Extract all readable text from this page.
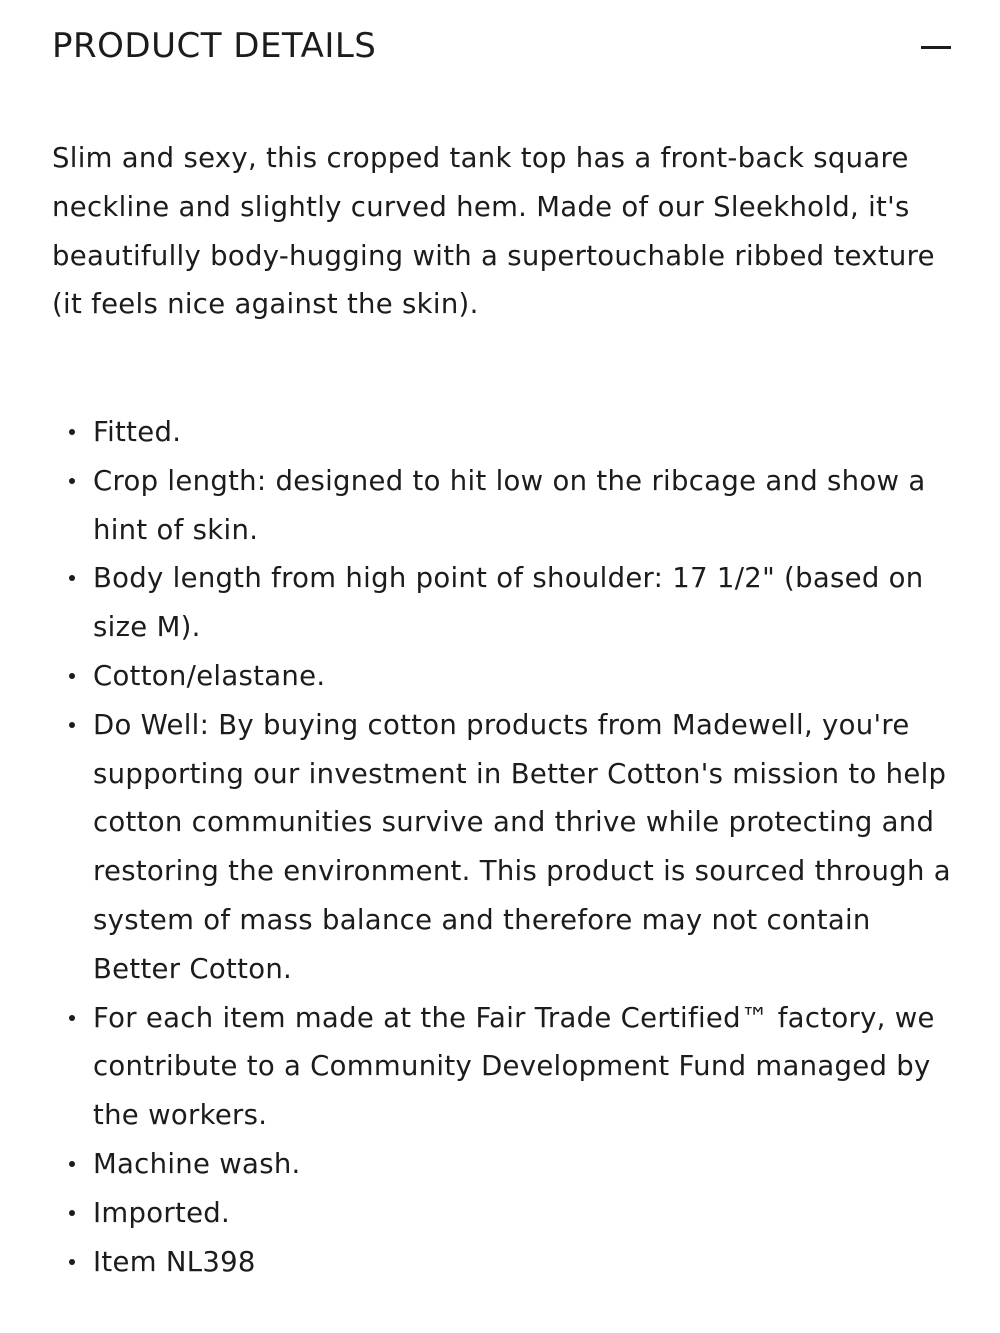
PRODUCT DETAILS

Slim and sexy, this cropped tank top has a front-back square neckline and slightly curved hem. Made of our Sleekhold, it's beautifully body-hugging with a supertouchable ribbed texture (it feels nice against the skin).

Fitted.
Crop length: designed to hit low on the ribcage and show a hint of skin.
Body length from high point of shoulder: 17 1/2" (based on size M).
Cotton/elastane.
Do Well: By buying cotton products from Madewell, you're supporting our investment in Better Cotton's mission to help cotton communities survive and thrive while protecting and restoring the environment. This product is sourced through a system of mass balance and therefore may not contain Better Cotton.
For each item made at the Fair Trade Certified™ factory, we contribute to a Community Development Fund managed by the workers.
Machine wash.
Imported.
Item NL398
